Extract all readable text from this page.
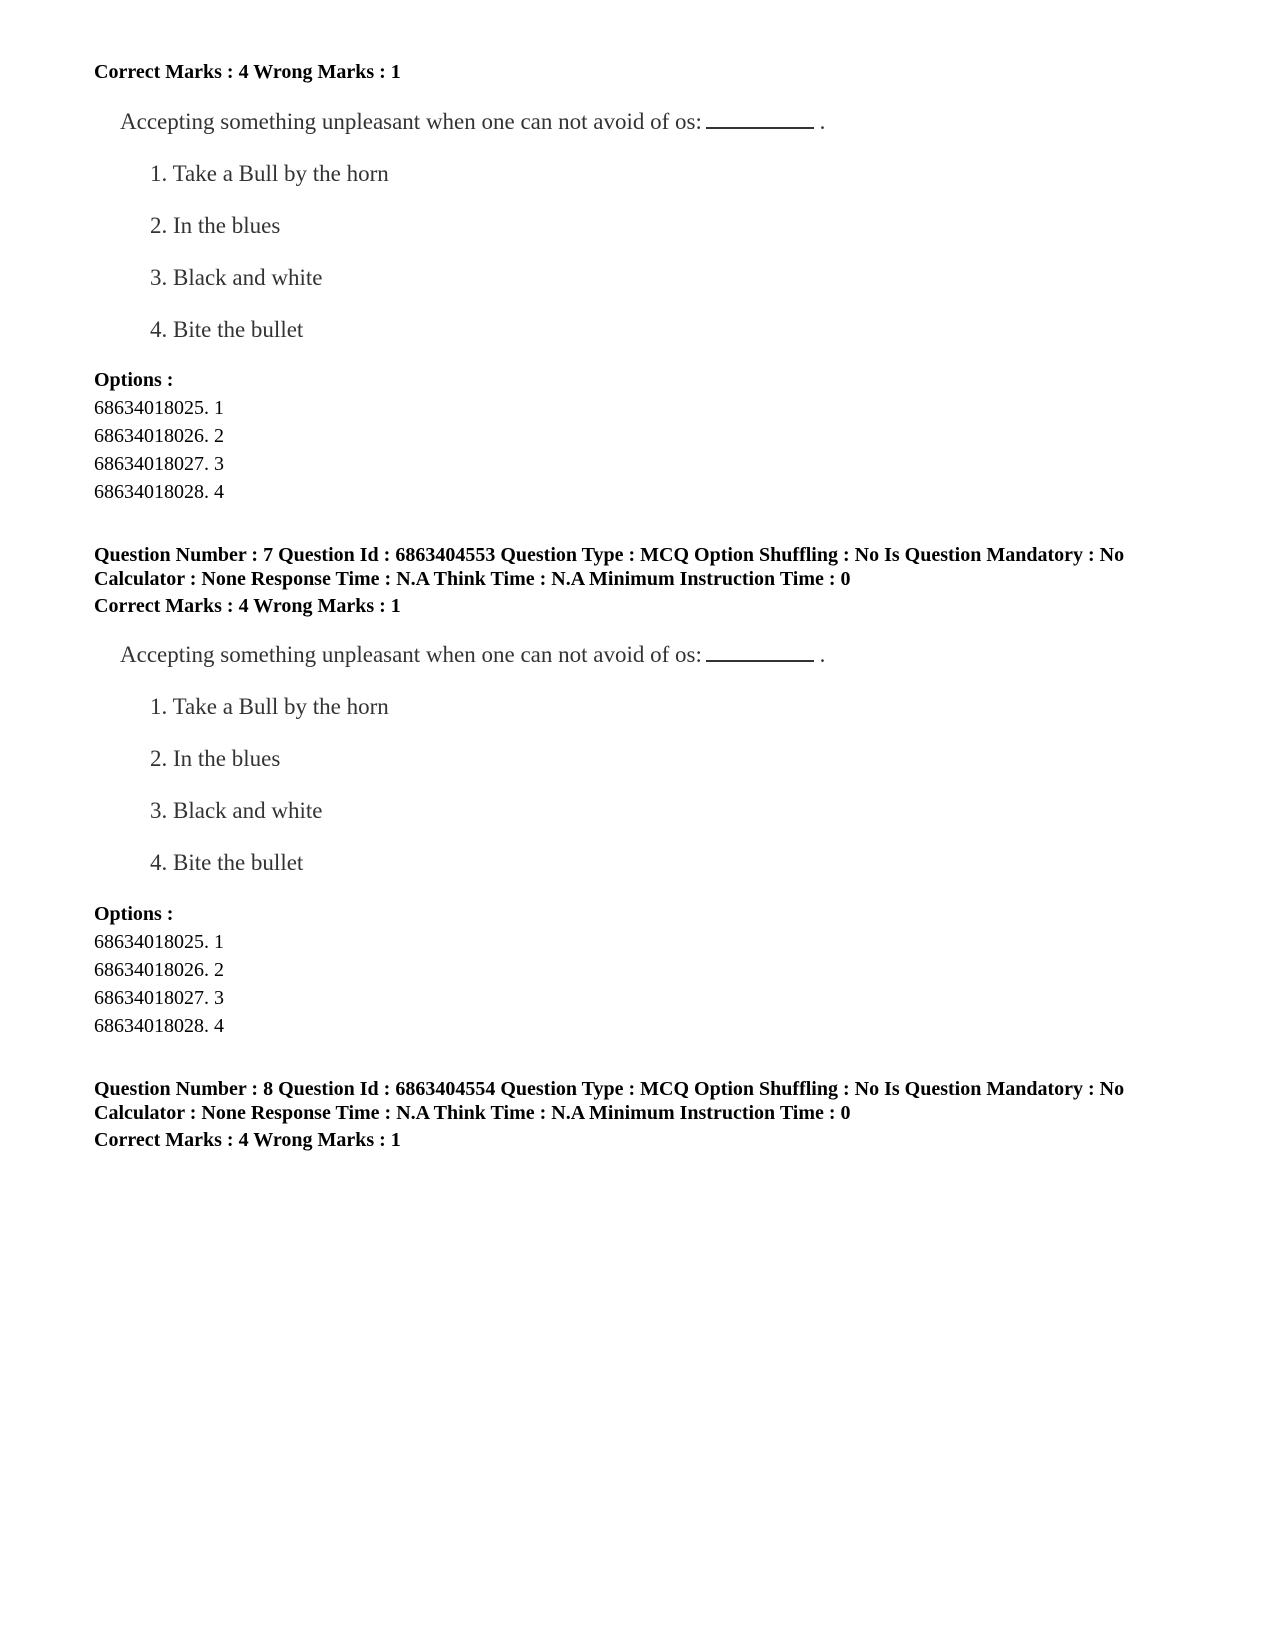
Correct Marks : 4 Wrong Marks : 1
Accepting something unpleasant when one can not avoid of os:	.
1. Take a Bull by the horn
2. In the blues
3. Black and white
4. Bite the bullet
Options :
68634018025. 1
68634018026. 2
68634018027. 3
68634018028. 4
Question Number : 7 Question Id : 6863404553 Question Type : MCQ Option Shuffling : No Is Question Mandatory : No
Calculator : None Response Time : N.A Think Time : N.A Minimum Instruction Time : 0
Correct Marks : 4 Wrong Marks : 1
Accepting something unpleasant when one can not avoid of os:	.
1. Take a Bull by the horn
2. In the blues
3. Black and white
4. Bite the bullet
Options :
68634018025. 1
68634018026. 2
68634018027. 3
68634018028. 4
Question Number : 8 Question Id : 6863404554 Question Type : MCQ Option Shuffling : No Is Question Mandatory : No
Calculator : None Response Time : N.A Think Time : N.A Minimum Instruction Time : 0
Correct Marks : 4 Wrong Marks : 1
